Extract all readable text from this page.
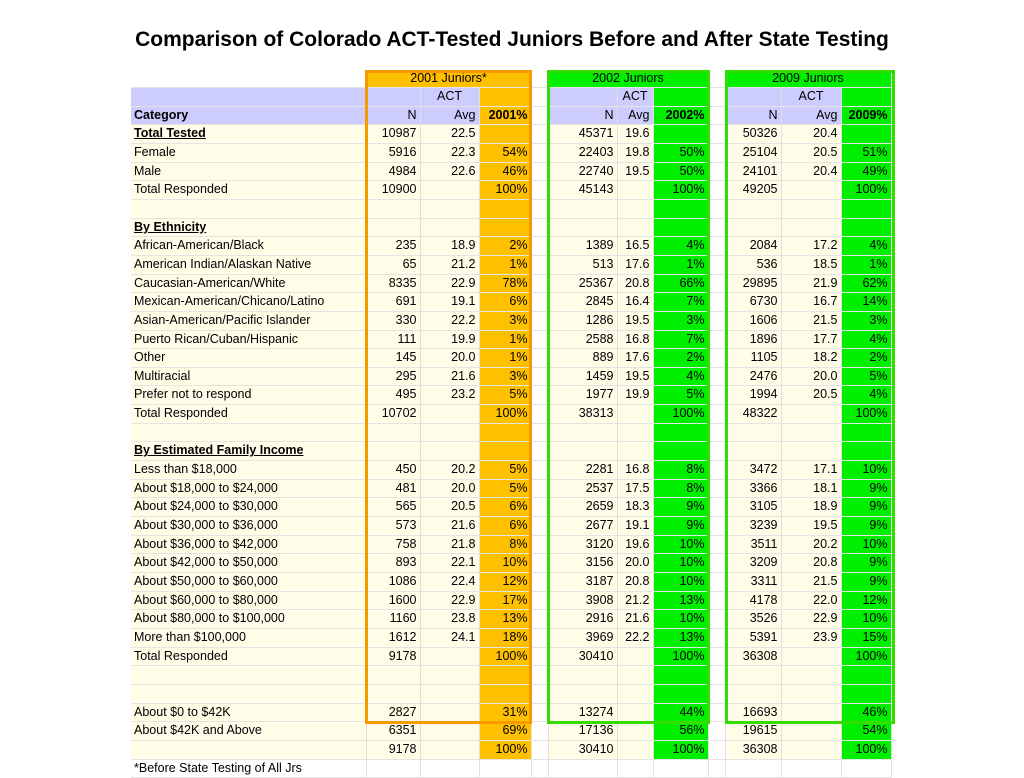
Comparison of Colorado ACT-Tested Juniors Before and After State Testing
	2001 Juniors*				2002 Juniors				2009 Juniors		
		ACT				ACT				ACT	
Category	N	Avg	2001%		N	Avg	2002%		N	Avg	2009%
Total Tested	10987	22.5			45371	19.6			50326	20.4	
Female	5916	22.3	54%		22403	19.8	50%		25104	20.5	51%
Male	4984	22.6	46%		22740	19.5	50%		24101	20.4	49%
Total Responded	10900		100%		45143		100%		49205		100%

By Ethnicity											
African-American/Black	235	18.9	2%		1389	16.5	4%		2084	17.2	4%
American Indian/Alaskan Native	65	21.2	1%		513	17.6	1%		536	18.5	1%
Caucasian-American/White	8335	22.9	78%		25367	20.8	66%		29895	21.9	62%
Mexican-American/Chicano/Latino	691	19.1	6%		2845	16.4	7%		6730	16.7	14%
Asian-American/Pacific Islander	330	22.2	3%		1286	19.5	3%		1606	21.5	3%
Puerto Rican/Cuban/Hispanic	111	19.9	1%		2588	16.8	7%		1896	17.7	4%
Other	145	20.0	1%		889	17.6	2%		1105	18.2	2%
Multiracial	295	21.6	3%		1459	19.5	4%		2476	20.0	5%
Prefer not to respond	495	23.2	5%		1977	19.9	5%		1994	20.5	4%
Total Responded	10702		100%		38313		100%		48322		100%

By Estimated Family Income											
Less than $18,000	450	20.2	5%		2281	16.8	8%		3472	17.1	10%
About $18,000 to $24,000	481	20.0	5%		2537	17.5	8%		3366	18.1	9%
About $24,000 to $30,000	565	20.5	6%		2659	18.3	9%		3105	18.9	9%
About $30,000 to $36,000	573	21.6	6%		2677	19.1	9%		3239	19.5	9%
About $36,000 to $42,000	758	21.8	8%		3120	19.6	10%		3511	20.2	10%
About $42,000 to $50,000	893	22.1	10%		3156	20.0	10%		3209	20.8	9%
About $50,000 to $60,000	1086	22.4	12%		3187	20.8	10%		3311	21.5	9%
About $60,000 to $80,000	1600	22.9	17%		3908	21.2	13%		4178	22.0	12%
About $80,000 to $100,000	1160	23.8	13%		2916	21.6	10%		3526	22.9	10%
More than $100,000	1612	24.1	18%		3969	22.2	13%		5391	23.9	15%
Total Responded	9178		100%		30410		100%		36308		100%

About $0 to $42K	2827		31%		13274		44%		16693		46%
About $42K and Above	6351		69%		17136		56%		19615		54%
	9178		100%		30410		100%		36308		100%
*Before State Testing of All Jrs											
